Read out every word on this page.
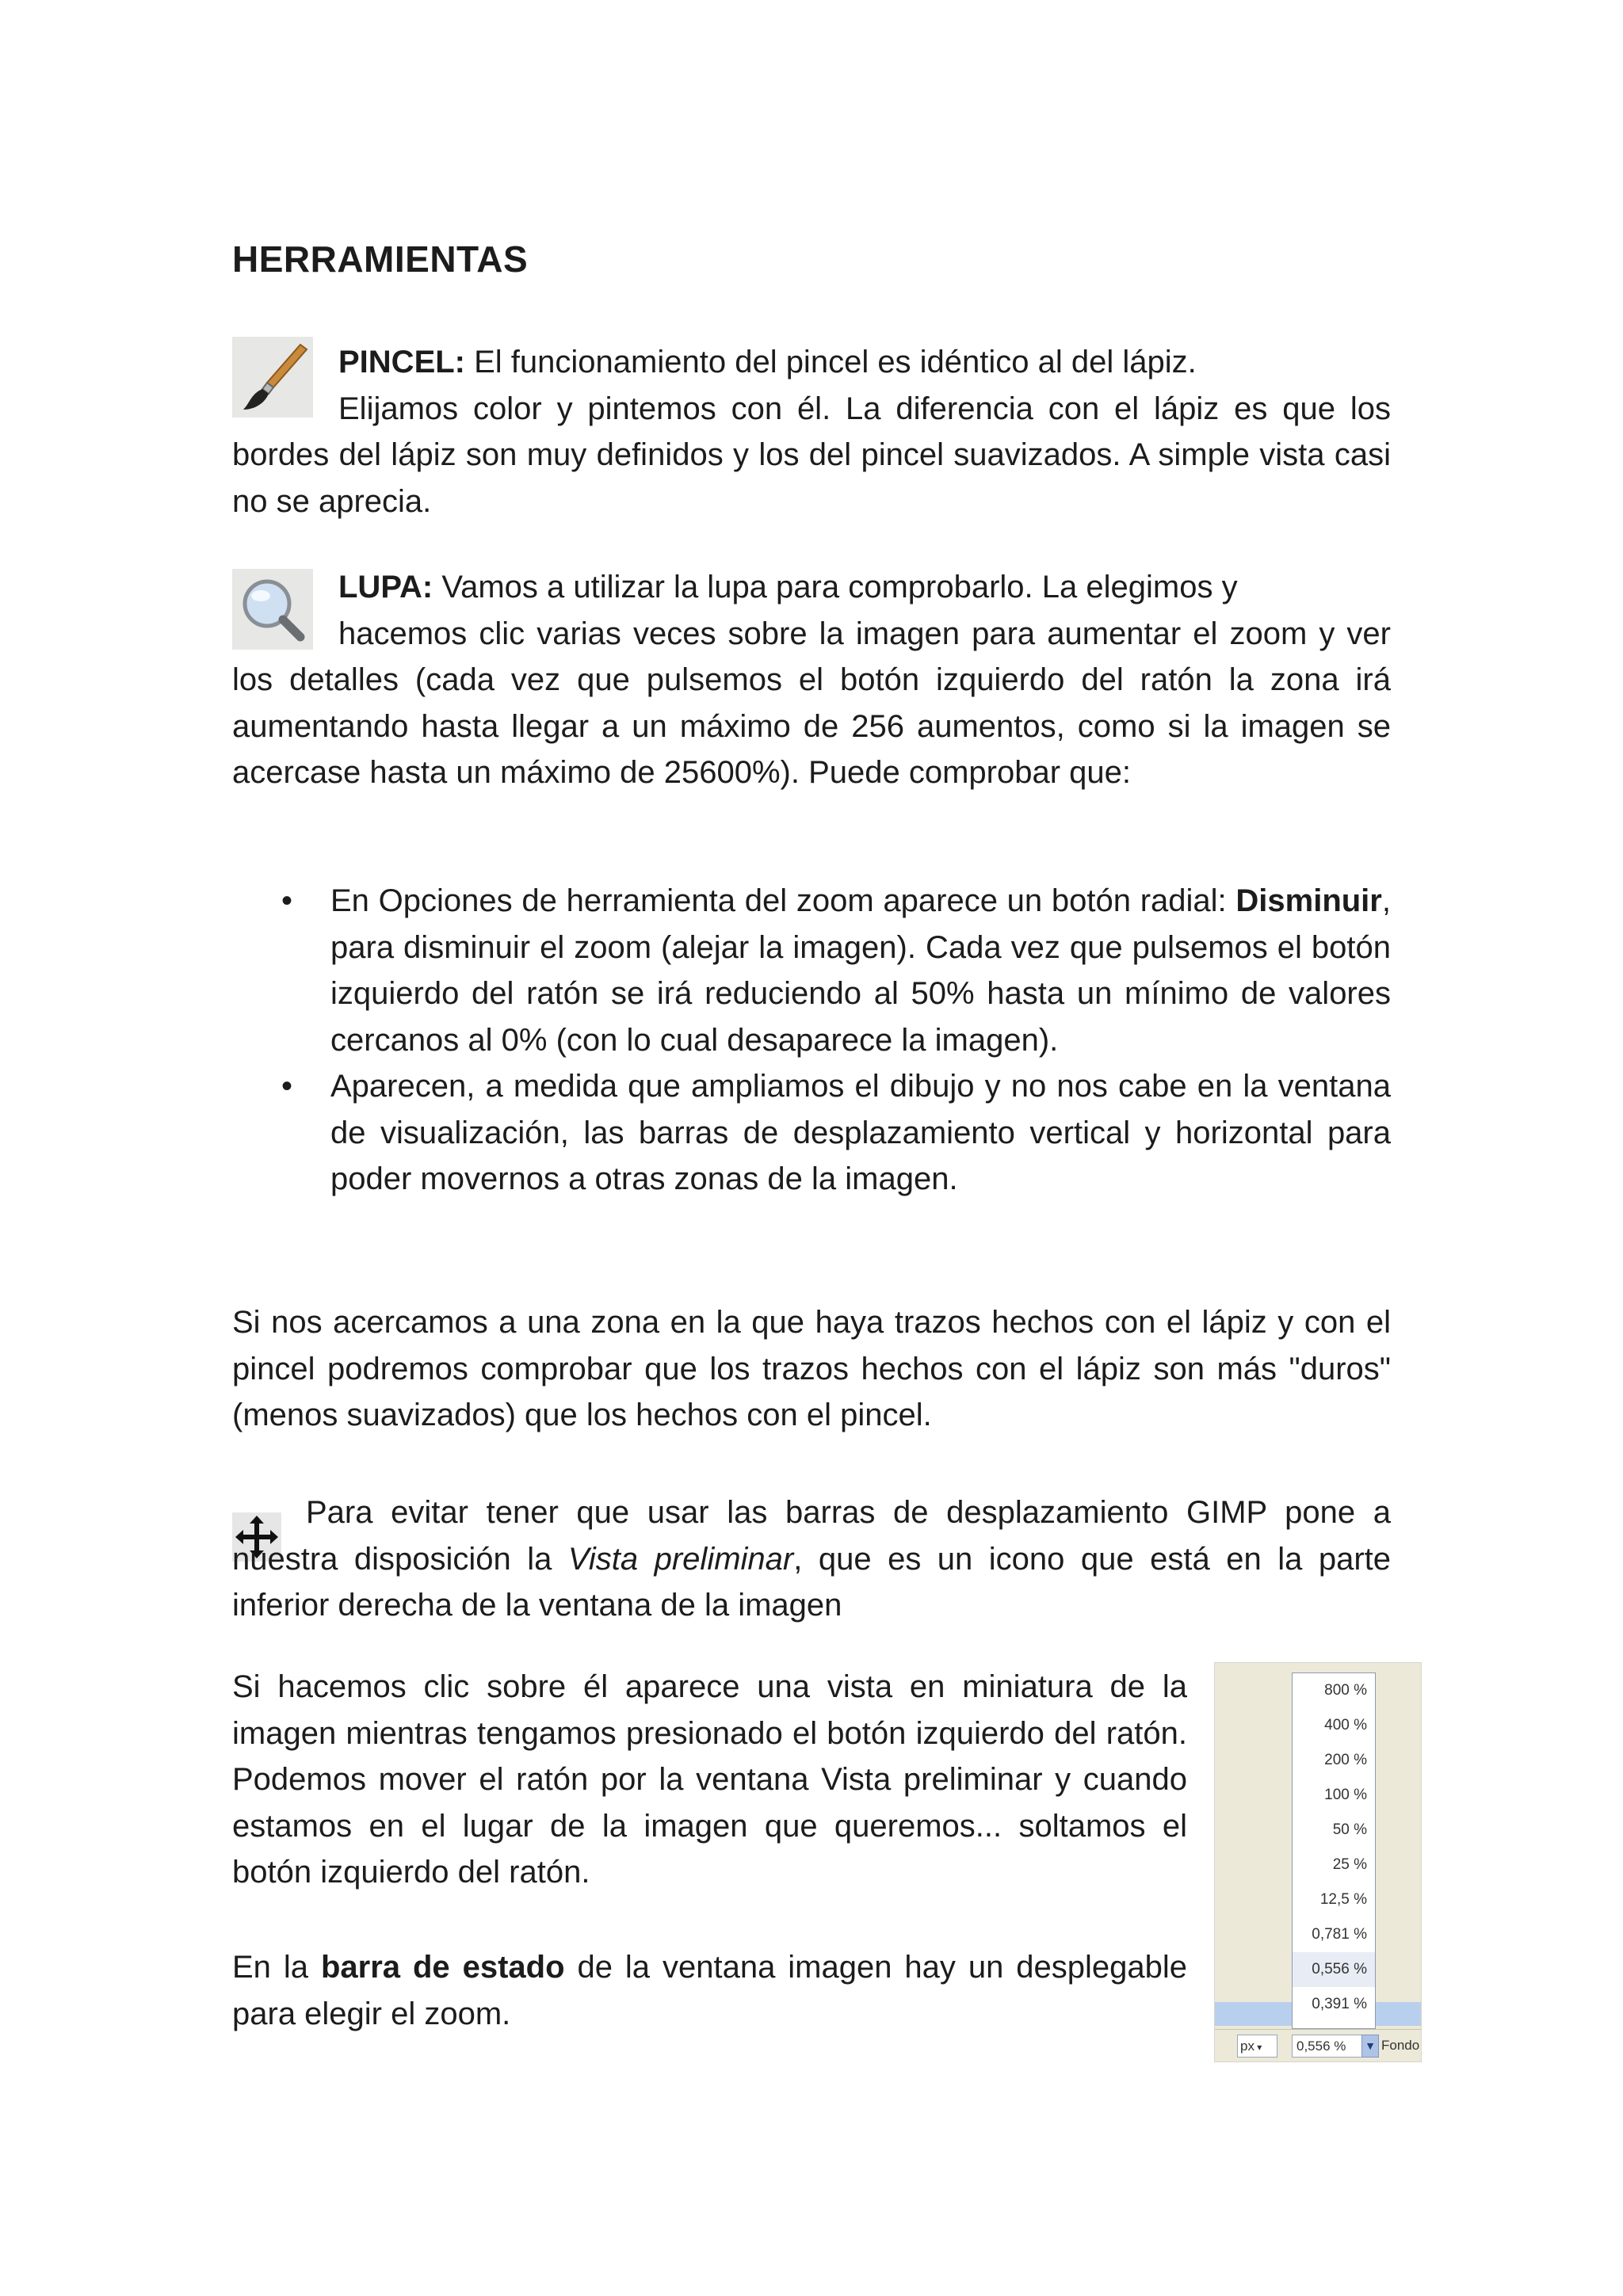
HERRAMIENTAS

PINCEL: El funcionamiento del pincel es idéntico al del lápiz.
Elijamos color y pintemos con él. La diferencia con el lápiz es que los bordes del lápiz son muy definidos y los del pincel suavizados. A simple vista casi no se aprecia.

LUPA: Vamos a utilizar la lupa para comprobarlo. La elegimos y
hacemos clic varias veces sobre la imagen para aumentar el zoom y ver los detalles (cada vez que pulsemos el botón izquierdo del ratón la zona irá aumentando hasta llegar a un máximo de 256 aumentos, como si la imagen se acercase hasta un máximo de 25600%). Puede comprobar que:

• En Opciones de herramienta del zoom aparece un botón radial: Disminuir, para disminuir el zoom (alejar la imagen). Cada vez que pulsemos el botón izquierdo del ratón se irá reduciendo al 50% hasta un mínimo de valores cercanos al 0% (con lo cual desaparece la imagen).
• Aparecen, a medida que ampliamos el dibujo y no nos cabe en la ventana de visualización, las barras de desplazamiento vertical y horizontal para poder movernos a otras zonas de la imagen.

Si nos acercamos a una zona en la que haya trazos hechos con el lápiz y con el pincel podremos comprobar que los trazos hechos con el lápiz son más "duros" (menos suavizados) que los hechos con el pincel.

Para evitar tener que usar las barras de desplazamiento GIMP pone a nuestra disposición la Vista preliminar, que es un icono que está en la parte inferior derecha de la ventana de la imagen

Si hacemos clic sobre él aparece una vista en miniatura de la imagen mientras tengamos presionado el botón izquierdo del ratón. Podemos mover el ratón por la ventana Vista preliminar y cuando estamos en el lugar de la imagen que queremos... soltamos el botón izquierdo del ratón.

En la barra de estado de la ventana imagen hay un desplegable para elegir el zoom.

800 %
400 %
200 %
100 %
50 %
25 %
12,5 %
0,781 %
0,556 %
0,391 %
px ▾	0,556 %	▼ Fondo
